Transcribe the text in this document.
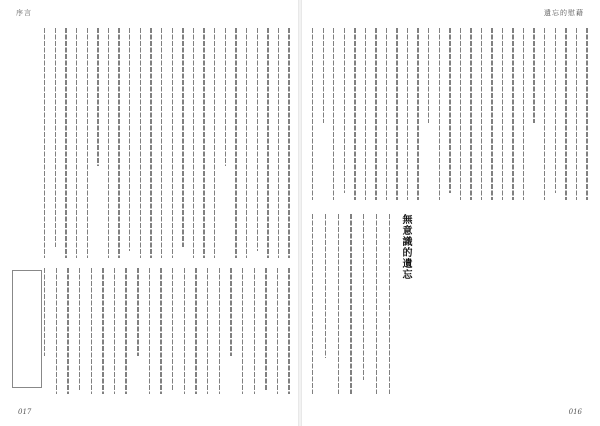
序言
017
遺忘的慰藉
無意識的遺忘
016
